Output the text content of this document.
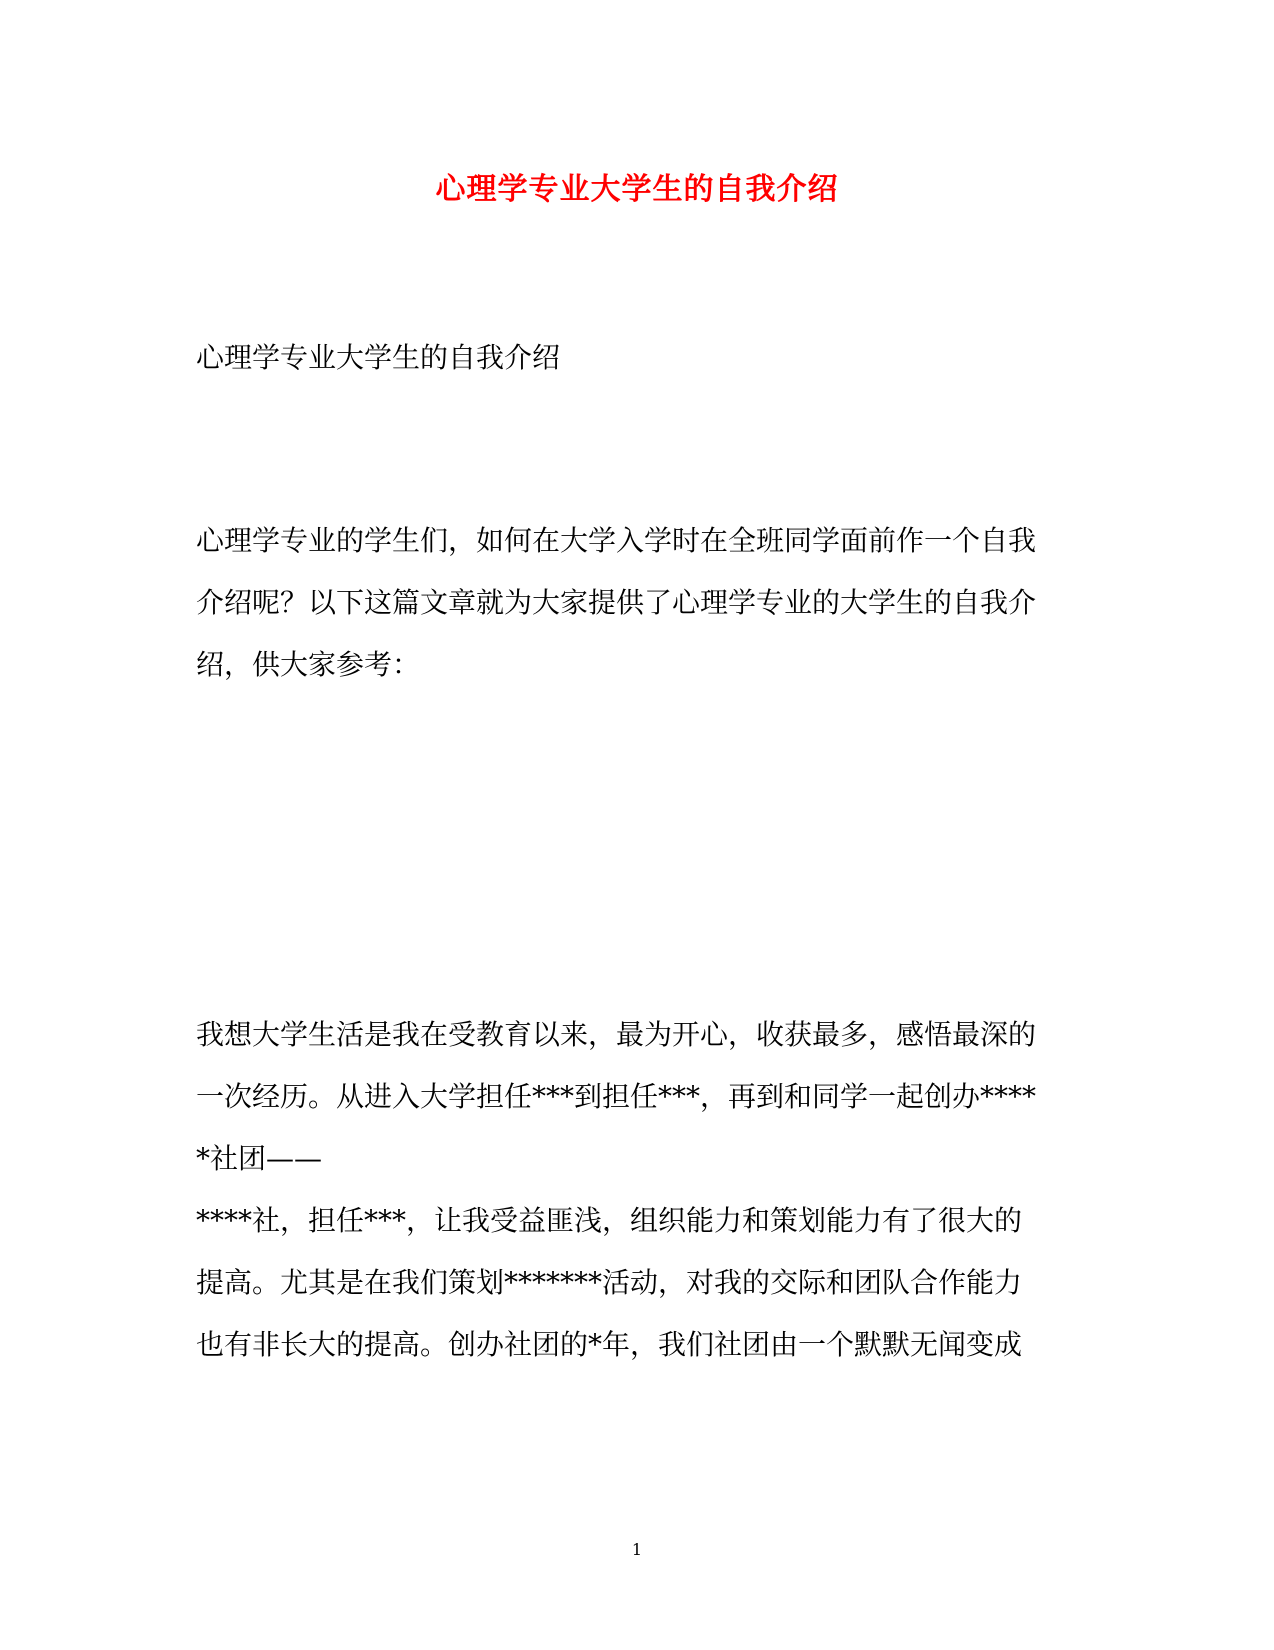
心理学专业大学生的自我介绍
心理学专业大学生的自我介绍
心理学专业的学生们，如何在大学入学时在全班同学面前作一个自我
介绍呢？以下这篇文章就为大家提供了心理学专业的大学生的自我介
绍，供大家参考：
我想大学生活是我在受教育以来，最为开心，收获最多，感悟最深的
一次经历。从进入大学担任***到担任***，再到和同学一起创办****
*社团——
****社，担任***，让我受益匪浅，组织能力和策划能力有了很大的
提高。尤其是在我们策划*******活动，对我的交际和团队合作能力
也有非长大的提高。创办社团的*年，我们社团由一个默默无闻变成
1
